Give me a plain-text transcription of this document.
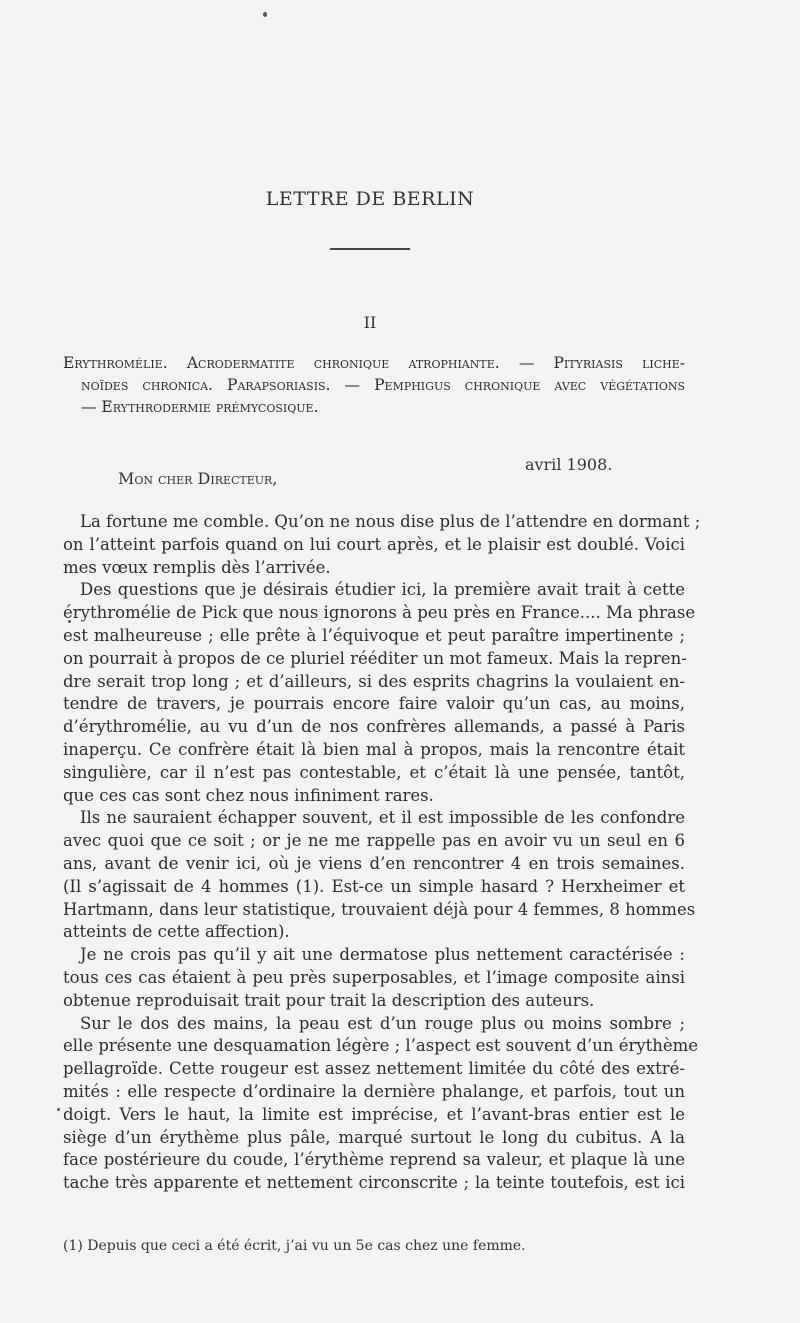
LETTRE DE BERLIN
II
Erythromélie. Acrodermatite chronique atrophiante. — Pityriasis liche-
noïdes chronica. Parapsoriasis. — Pemphigus chronique avec végétations
— Erythrodermie prémycosique.
avril 1908.
Mon cher Directeur,
La fortune me comble. Qu’on ne nous dise plus de l’attendre en dormant ;
on l’atteint parfois quand on lui court après, et le plaisir est doublé. Voici
mes vœux remplis dès l’arrivée.
Des questions que je désirais étudier ici, la première avait trait à cette
érythromélie de Pick que nous ignorons à peu près en France.... Ma phrase
est malheureuse ; elle prête à l’équivoque et peut paraître impertinente ;
on pourrait à propos de ce pluriel rééditer un mot fameux. Mais la repren-
dre serait trop long ; et d’ailleurs, si des esprits chagrins la voulaient en-
tendre de travers, je pourrais encore faire valoir qu’un cas, au moins,
d’érythromélie, au vu d’un de nos confrères allemands, a passé à Paris
inaperçu. Ce confrère était là bien mal à propos, mais la rencontre était
singulière, car il n’est pas contestable, et c’était là une pensée, tantôt,
que ces cas sont chez nous infiniment rares.
Ils ne sauraient échapper souvent, et il est impossible de les confondre
avec quoi que ce soit ; or je ne me rappelle pas en avoir vu un seul en 6
ans, avant de venir ici, où je viens d’en rencontrer 4 en trois semaines.
(Il s’agissait de 4 hommes (1). Est-ce un simple hasard ? Herxheimer et
Hartmann, dans leur statistique, trouvaient déjà pour 4 femmes, 8 hommes
atteints de cette affection).
Je ne crois pas qu’il y ait une dermatose plus nettement caractérisée :
tous ces cas étaient à peu près superposables, et l’image composite ainsi
obtenue reproduisait trait pour trait la description des auteurs.
Sur le dos des mains, la peau est d’un rouge plus ou moins sombre ;
elle présente une desquamation légère ; l’aspect est souvent d’un érythème
pellagroïde. Cette rougeur est assez nettement limitée du côté des extré-
mités : elle respecte d’ordinaire la dernière phalange, et parfois, tout un
doigt. Vers le haut, la limite est imprécise, et l’avant-bras entier est le
siège d’un érythème plus pâle, marqué surtout le long du cubitus. A la
face postérieure du coude, l’érythème reprend sa valeur, et plaque là une
tache très apparente et nettement circonscrite ; la teinte toutefois, est ici
(1) Depuis que ceci a été écrit, j’ai vu un 5e cas chez une femme.
